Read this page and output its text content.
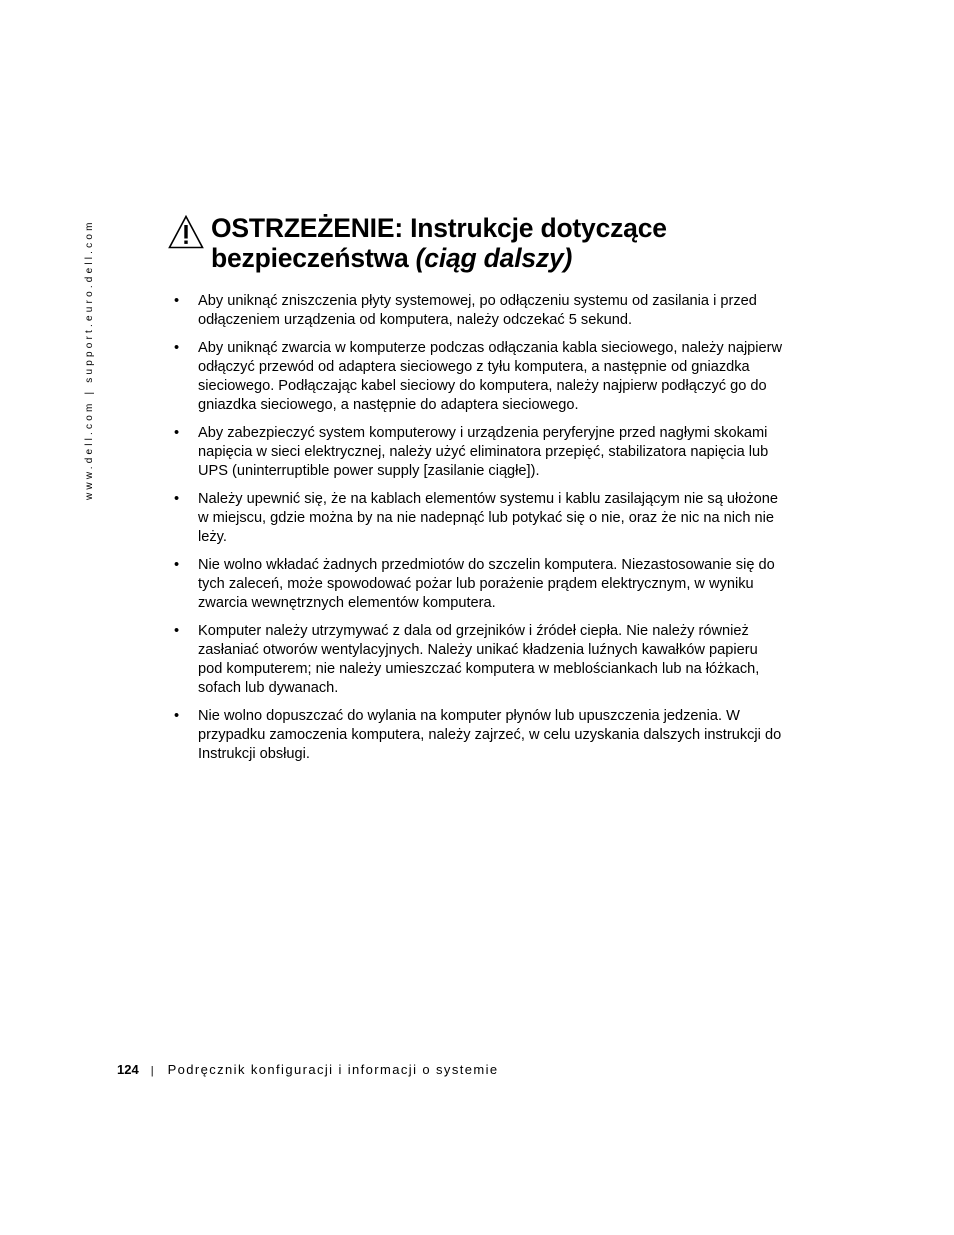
www.dell.com | support.euro.dell.com	OSTRZEŻENIE: Instrukcje dotyczące
bezpieczeństwa (ciąg dalszy)
• Aby uniknąć zniszczenia płyty systemowej, po odłączeniu systemu od zasilania i przed odłączeniem urządzenia od komputera, należy odczekać 5 sekund.
• Aby uniknąć zwarcia w komputerze podczas odłączania kabla sieciowego, należy najpierw odłączyć przewód od adaptera sieciowego z tyłu komputera, a następnie od gniazdka sieciowego. Podłączając kabel sieciowy do komputera, należy najpierw podłączyć go do gniazdka sieciowego, a następnie do adaptera sieciowego.
• Aby zabezpieczyć system komputerowy i urządzenia peryferyjne przed nagłymi skokami napięcia w sieci elektrycznej, należy użyć eliminatora przepięć, stabilizatora napięcia lub UPS (uninterruptible power supply [zasilanie ciągłe]).
• Należy upewnić się, że na kablach elementów systemu i kablu zasilającym nie są ułożone w miejscu, gdzie można by na nie nadepnąć lub potykać się o nie, oraz że nic na nich nie leży.
• Nie wolno wkładać żadnych przedmiotów do szczelin komputera. Niezastosowanie się do tych zaleceń, może spowodować pożar lub porażenie prądem elektrycznym, w wyniku zwarcia wewnętrznych elementów komputera.
• Komputer należy utrzymywać z dala od grzejników i źródeł ciepła. Nie należy również zasłaniać otworów wentylacyjnych. Należy unikać kładzenia luźnych kawałków papieru pod komputerem; nie należy umieszczać komputera w meblościankach lub na łóżkach, sofach lub dywanach.
• Nie wolno dopuszczać do wylania na komputer płynów lub upuszczenia jedzenia. W przypadku zamoczenia komputera, należy zajrzeć, w celu uzyskania dalszych instrukcji do Instrukcji obsługi.
124 | Podręcznik konfiguracji i informacji o systemie
